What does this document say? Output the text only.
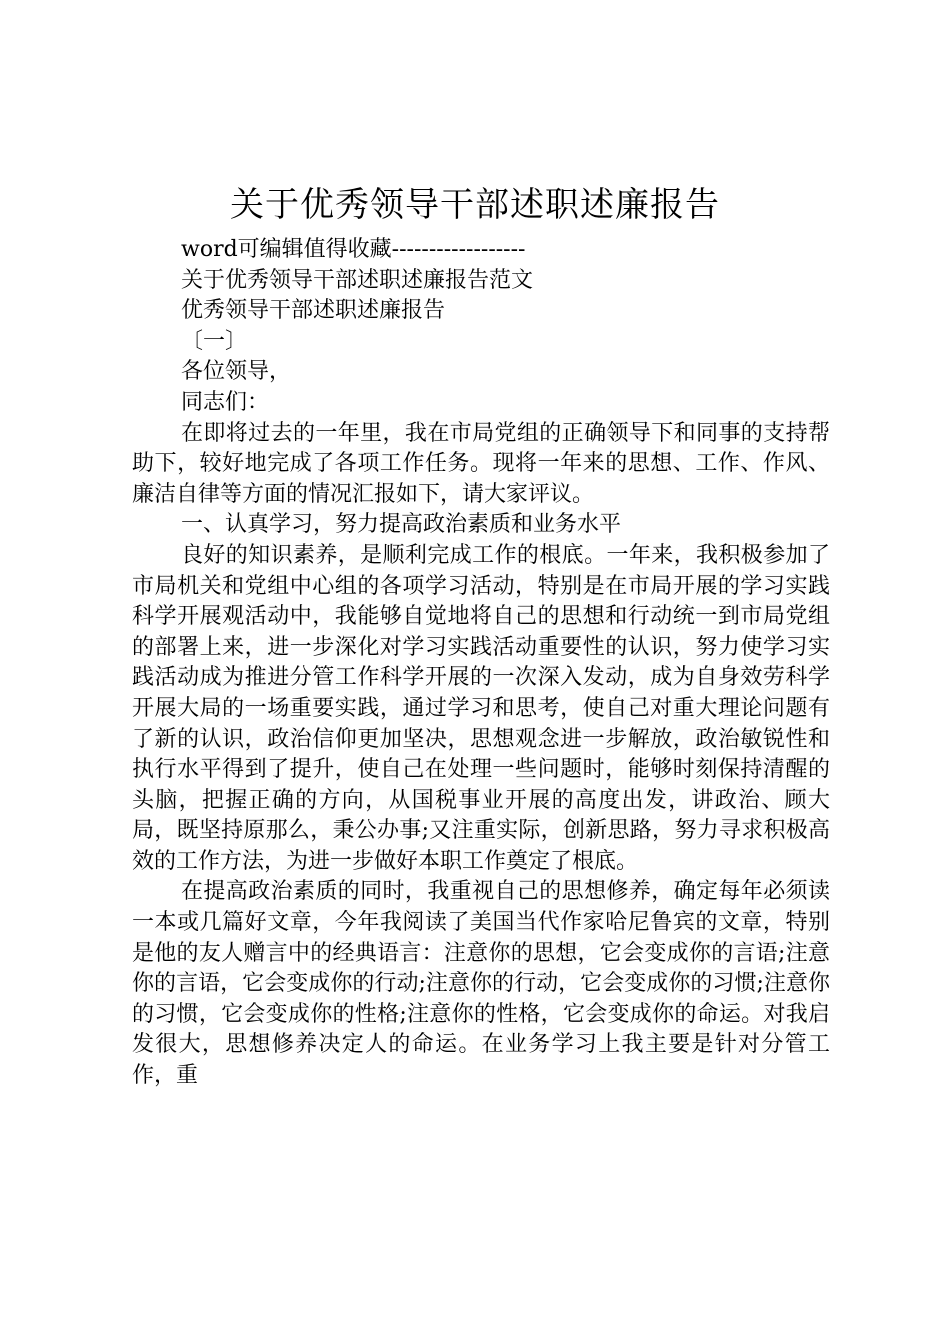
关于优秀领导干部述职述廉报告

word可编辑值得收藏------------------

关于优秀领导干部述职述廉报告范文

优秀领导干部述职述廉报告

〔一〕

各位领导，

同志们：

在即将过去的一年里，我在市局党组的正确领导下和同事的支持帮助下，较好地完成了各项工作任务。现将一年来的思想、工作、作风、廉洁自律等方面的情况汇报如下，请大家评议。

一、认真学习，努力提高政治素质和业务水平

良好的知识素养，是顺利完成工作的根底。一年来，我积极参加了市局机关和党组中心组的各项学习活动，特别是在市局开展的学习实践科学开展观活动中，我能够自觉地将自己的思想和行动统一到市局党组的部署上来，进一步深化对学习实践活动重要性的认识，努力使学习实践活动成为推进分管工作科学开展的一次深入发动，成为自身效劳科学开展大局的一场重要实践，通过学习和思考，使自己对重大理论问题有了新的认识，政治信仰更加坚决，思想观念进一步解放，政治敏锐性和执行水平得到了提升，使自己在处理一些问题时，能够时刻保持清醒的头脑，把握正确的方向，从国税事业开展的高度出发，讲政治、顾大局，既坚持原那么，秉公办事;又注重实际，创新思路，努力寻求积极高效的工作方法，为进一步做好本职工作奠定了根底。

在提高政治素质的同时，我重视自己的思想修养，确定每年必须读一本或几篇好文章，今年我阅读了美国当代作家哈尼鲁宾的文章，特别是他的友人赠言中的经典语言：注意你的思想，它会变成你的言语;注意你的言语，它会变成你的行动;注意你的行动，它会变成你的习惯;注意你的习惯，它会变成你的性格;注意你的性格，它会变成你的命运。对我启发很大，思想修养决定人的命运。在业务学习上我主要是针对分管工作，重
